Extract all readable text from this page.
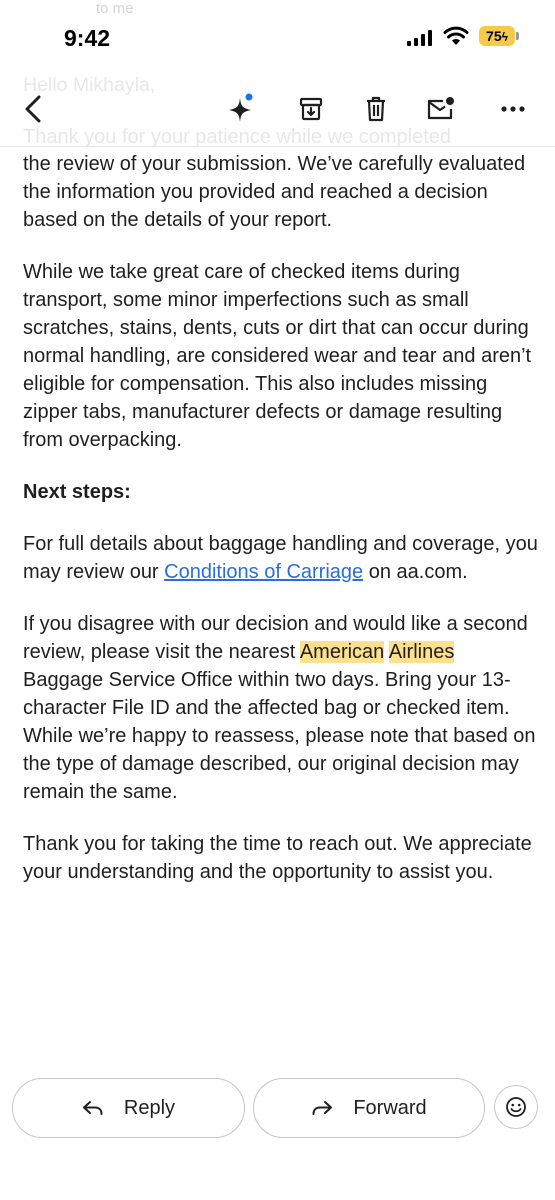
to me
9:42	75ϟ

the review of your submission. We’ve carefully evaluated the information you provided and reached a decision based on the details of your report.

While we take great care of checked items during transport, some minor imperfections such as small scratches, stains, dents, cuts or dirt that can occur during normal handling, are considered wear and tear and aren’t eligible for compensation. This also includes missing zipper tabs, manufacturer defects or damage resulting from overpacking.

Next steps:

For full details about baggage handling and coverage, you may review our Conditions of Carriage on aa.com.

If you disagree with our decision and would like a second review, please visit the nearest American Airlines Baggage Service Office within two days. Bring your 13-character File ID and the affected bag or checked item. While we’re happy to reassess, please note that based on the type of damage described, our original decision may remain the same.

Thank you for taking the time to reach out. We appreciate your understanding and the opportunity to assist you.

Reply	Forward
